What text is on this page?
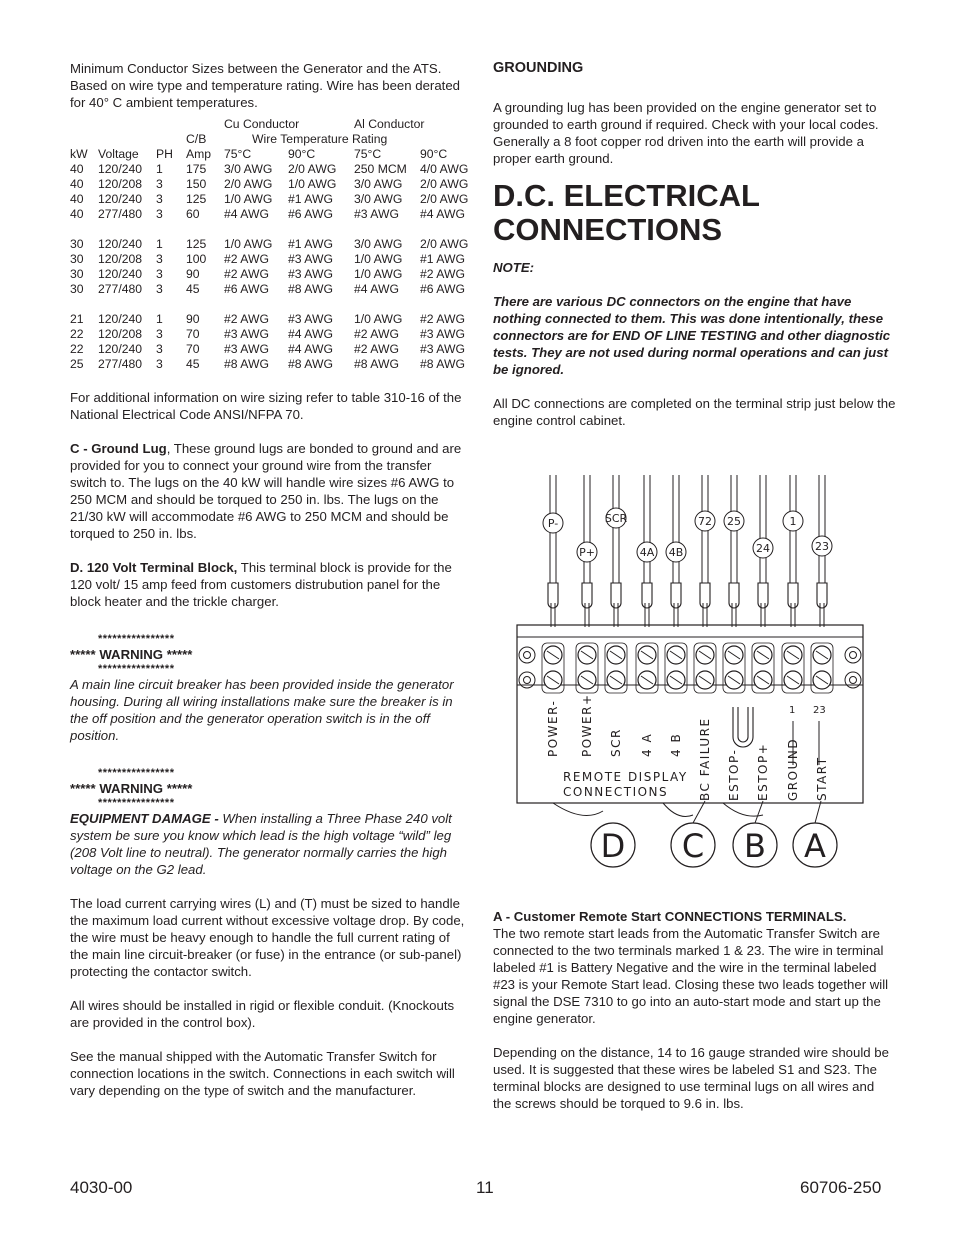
Minimum Conductor Sizes between the Generator and the ATS. Based on wire type and temperature rating. Wire has been derated for 40° C ambient temperatures.

				Cu Conductor		Al Conductor	
			C/B	Wire Temperature Rating			
kW	Voltage	PH	Amp	75°C	90°C	75°C	90°C
40	120/240	1	175	3/0 AWG	2/0 AWG	250 MCM	4/0 AWG
40	120/208	3	150	2/0 AWG	1/0 AWG	3/0 AWG	2/0 AWG
40	120/240	3	125	1/0 AWG	#1 AWG	3/0 AWG	2/0 AWG
40	277/480	3	60	#4 AWG	#6 AWG	#3 AWG	#4 AWG

30	120/240	1	125	1/0 AWG	#1 AWG	3/0 AWG	2/0 AWG
30	120/208	3	100	#2 AWG	#3 AWG	1/0 AWG	#1 AWG
30	120/240	3	90	#2 AWG	#3 AWG	1/0 AWG	#2 AWG
30	277/480	3	45	#6 AWG	#8 AWG	#4 AWG	#6 AWG

21	120/240	1	90	#2 AWG	#3 AWG	1/0 AWG	#2 AWG
22	120/208	3	70	#3 AWG	#4 AWG	#2 AWG	#3 AWG
22	120/240	3	70	#3 AWG	#4 AWG	#2 AWG	#3 AWG
25	277/480	3	45	#8 AWG	#8 AWG	#8 AWG	#8 AWG

For additional information on wire sizing refer to table 310-16 of the National Electrical Code ANSI/NFPA 70.

C - Ground Lug, These ground lugs are bonded to ground and are provided for you to connect your ground wire from the transfer switch to. The lugs on the 40 kW will handle wire sizes #6 AWG to 250 MCM and should be torqued to 250 in. lbs. The lugs on the 21/30 kW will accommodate #6 AWG to 250 MCM and should be torqued to 250 in. lbs.

D. 120 Volt Terminal Block, This terminal block is provide for the 120 volt/ 15 amp feed from customers distrubution panel for the block heater and the trickle charger.

****************
***** WARNING *****
****************

A main line circuit breaker has been provided inside the generator housing. During all wiring installations make sure the breaker is in the off position and the generator operation switch is in the off position.

****************
***** WARNING *****
****************

EQUIPMENT DAMAGE - When installing a Three Phase 240 volt system be sure you know which lead is the high voltage “wild” leg (208 Volt line to neutral). The generator normally carries the high voltage on the G2 lead.

The load current carrying wires (L) and (T) must be sized to handle the maximum load current without excessive voltage drop. By code, the wire must be heavy enough to handle the full current rating of the main line circuit-breaker (or fuse) in the entrance (or sub-panel) protecting the contactor switch.

All wires should be installed in rigid or flexible conduit. (Knockouts are provided in the control box).

See the manual shipped with the Automatic Transfer Switch for connection locations in the switch. Connections in each switch will vary depending on the type of switch and the manufacturer.

GROUNDING

A grounding lug has been provided on the engine generator set to grounded to earth ground if required. Check with your local codes. Generally a 8 foot copper rod driven into the earth will provide a proper earth ground.

D.C. ELECTRICAL CONNECTIONS

NOTE:

There are various DC connectors on the engine that have nothing connected to them. This was done intentionally, these connectors are for END OF LINE TESTING and other diagnostic tests. They are not used during normal operations and can just be ignored.

All DC connections are completed on the terminal strip just below the engine control cabinet.

P-
P+
SCR
4A 4B
72 25
24
1
23
POWER- POWER+ SCR 4 A 4 B BC FAILURE ESTOP- ESTOP+ GROUND START
1 23
REMOTE DISPLAY
CONNECTIONS
D C B A

A - Customer Remote Start CONNECTIONS TERMINALS.

The two remote start leads from the Automatic Transfer Switch are connected to the two terminals marked 1 & 23. The wire in terminal labeled #1 is Battery Negative and the wire in the terminal labeled #23 is your Remote Start lead. Closing these two leads together will signal the DSE 7310 to go into an auto-start mode and start up the engine generator.

Depending on the distance, 14 to 16 gauge stranded wire should be used. It is suggested that these wires be labeled S1 and S23. The terminal blocks are designed to use terminal lugs on all wires and the screws should be torqued to 9.6 in. lbs.

4030-00	11	60706-250
